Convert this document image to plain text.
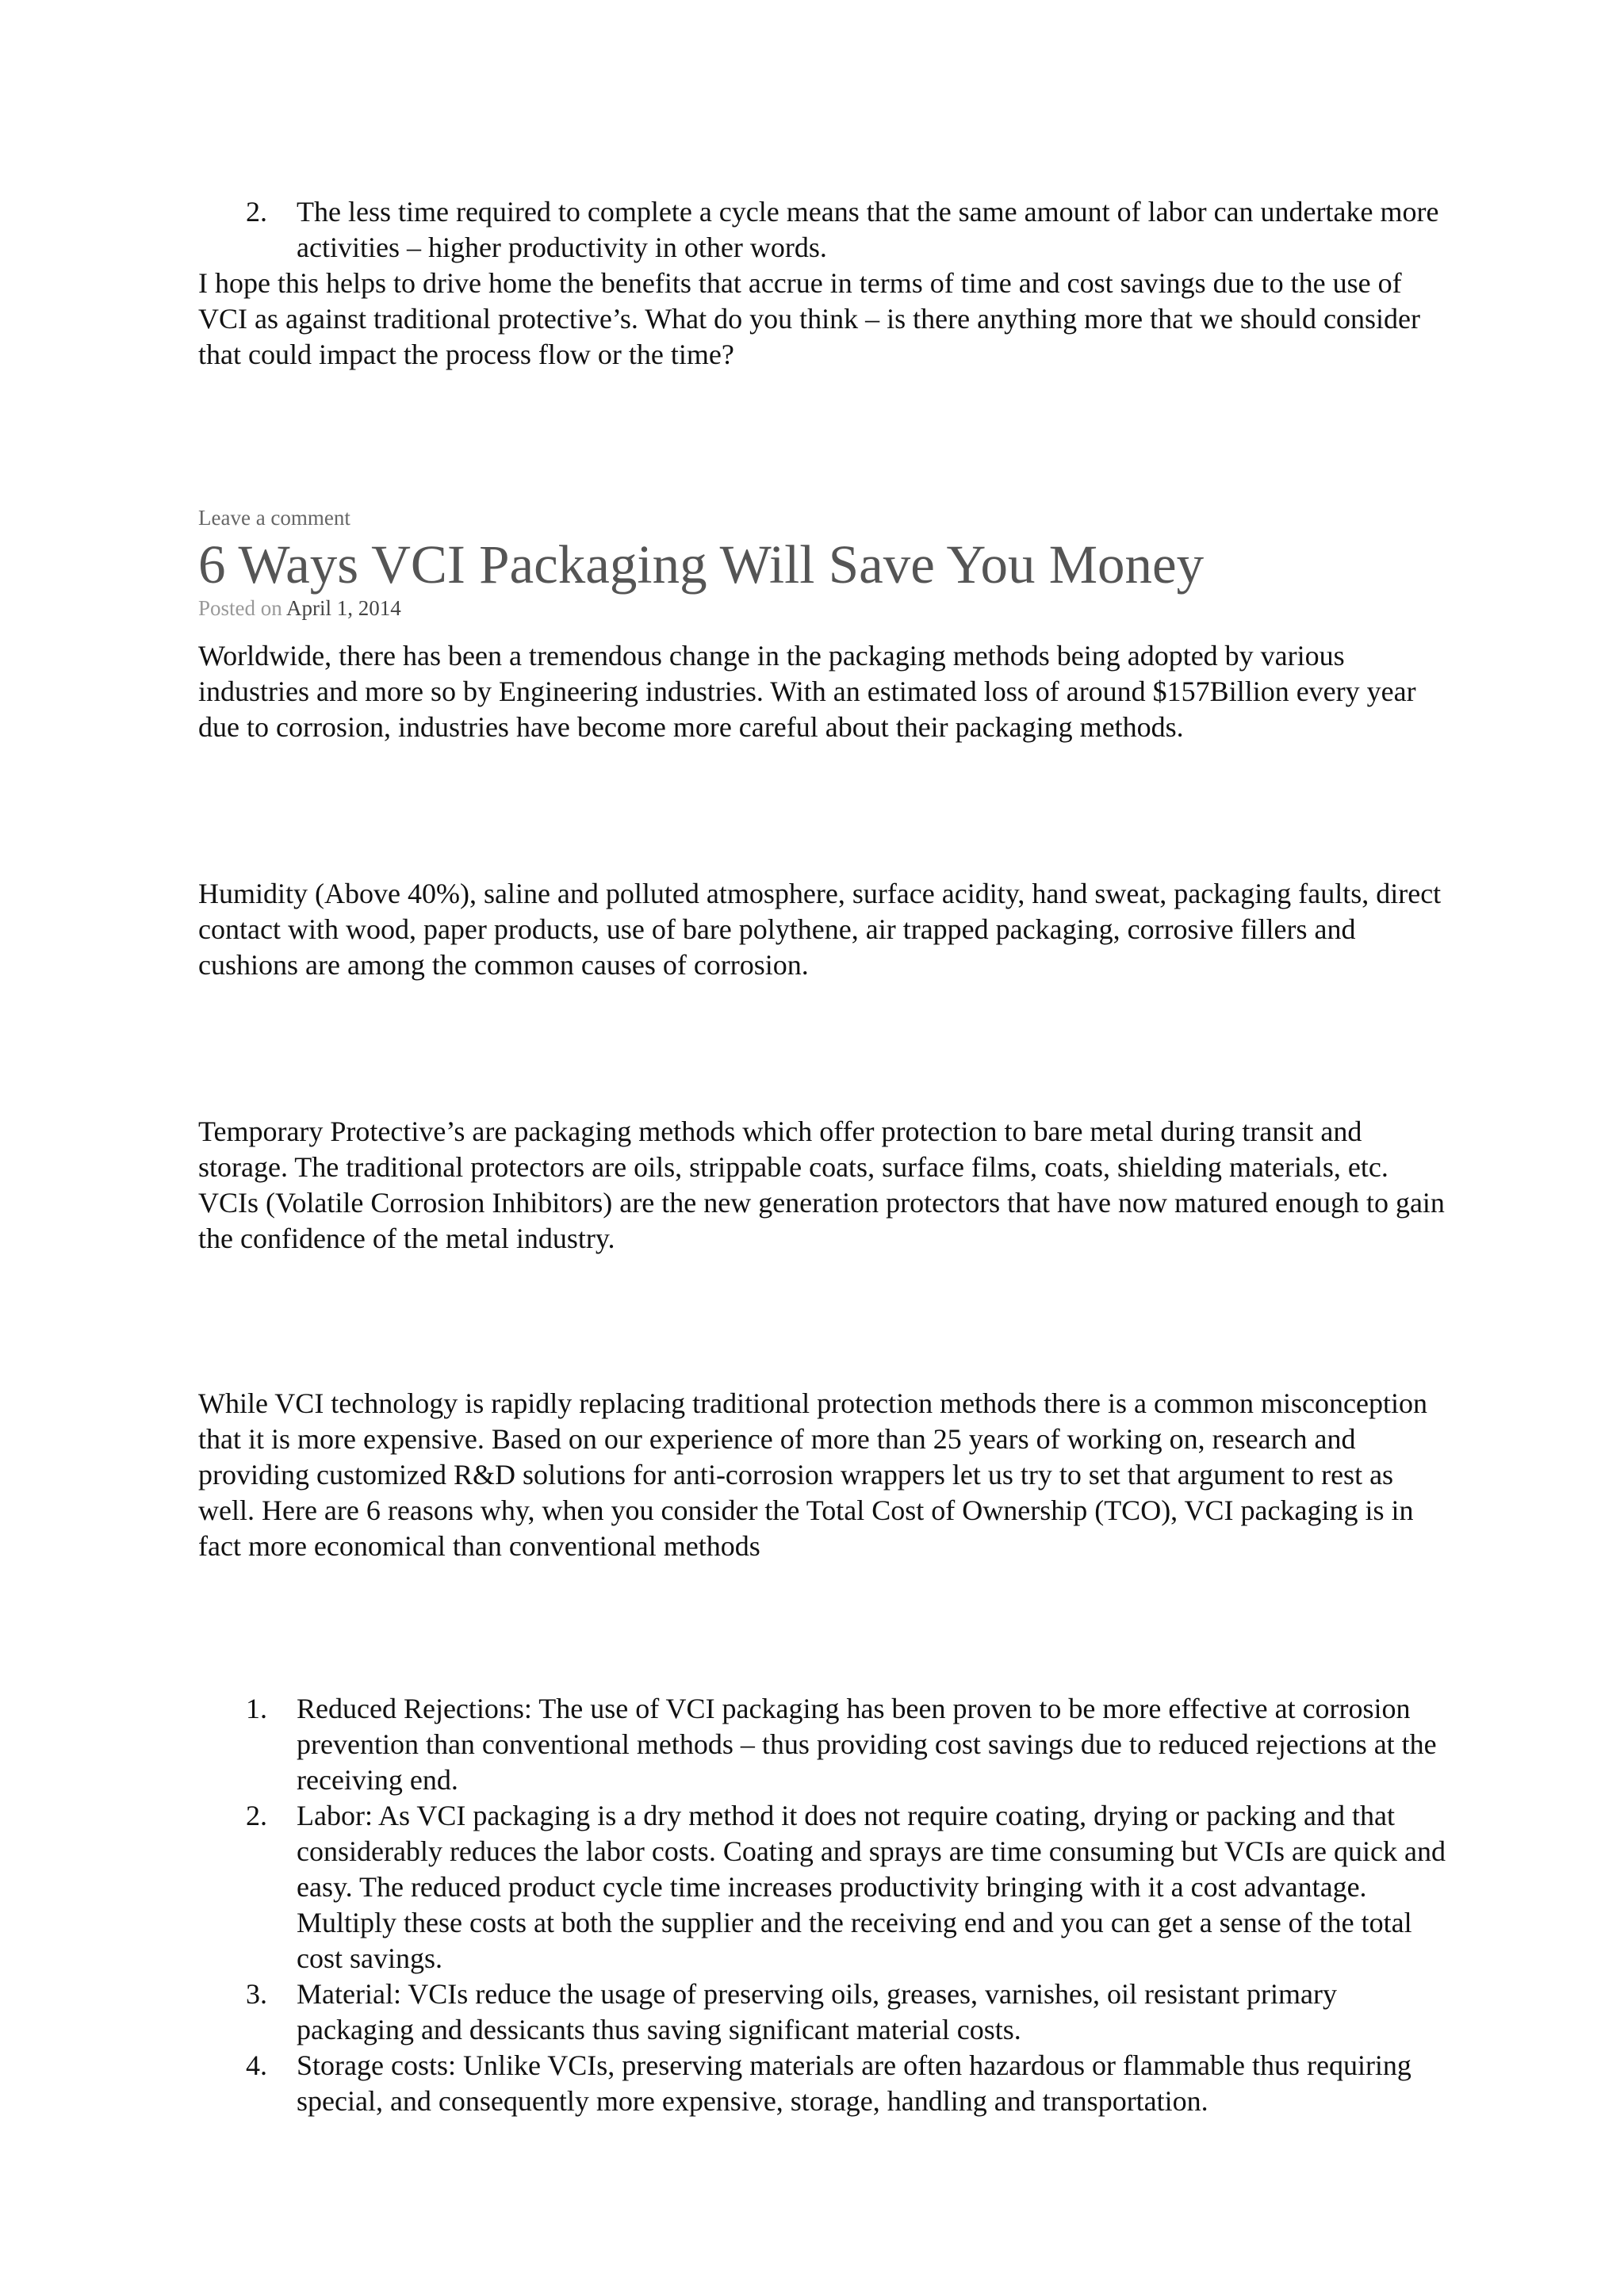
2. The less time required to complete a cycle means that the same amount of labor can undertake more activities – higher productivity in other words.

I hope this helps to drive home the benefits that accrue in terms of time and cost savings due to the use of VCI as against traditional protective’s. What do you think – is there anything more that we should consider that could impact the process flow or the time?

Leave a comment
6 Ways VCI Packaging Will Save You Money
Posted on April 1, 2014

Worldwide, there has been a tremendous change in the packaging methods being adopted by various industries and more so by Engineering industries. With an estimated loss of around $157Billion every year due to corrosion, industries have become more careful about their packaging methods.

Humidity (Above 40%), saline and polluted atmosphere, surface acidity, hand sweat, packaging faults, direct contact with wood, paper products, use of bare polythene, air trapped packaging, corrosive fillers and cushions are among the common causes of corrosion.

Temporary Protective’s are packaging methods which offer protection to bare metal during transit and storage. The traditional protectors are oils, strippable coats, surface films, coats, shielding materials, etc. VCIs (Volatile Corrosion Inhibitors) are the new generation protectors that have now matured enough to gain the confidence of the metal industry.

While VCI technology is rapidly replacing traditional protection methods there is a common misconception that it is more expensive. Based on our experience of more than 25 years of working on, research and providing customized R&D solutions for anti-corrosion wrappers let us try to set that argument to rest as well. Here are 6 reasons why, when you consider the Total Cost of Ownership (TCO), VCI packaging is in fact more economical than conventional methods

1. Reduced Rejections: The use of VCI packaging has been proven to be more effective at corrosion prevention than conventional methods – thus providing cost savings due to reduced rejections at the receiving end.
2. Labor: As VCI packaging is a dry method it does not require coating, drying or packing and that considerably reduces the labor costs. Coating and sprays are time consuming but VCIs are quick and easy. The reduced product cycle time increases productivity bringing with it a cost advantage. Multiply these costs at both the supplier and the receiving end and you can get a sense of the total cost savings.
3. Material: VCIs reduce the usage of preserving oils, greases, varnishes, oil resistant primary packaging and dessicants thus saving significant material costs.
4. Storage costs: Unlike VCIs, preserving materials are often hazardous or flammable thus requiring special, and consequently more expensive, storage, handling and transportation.
